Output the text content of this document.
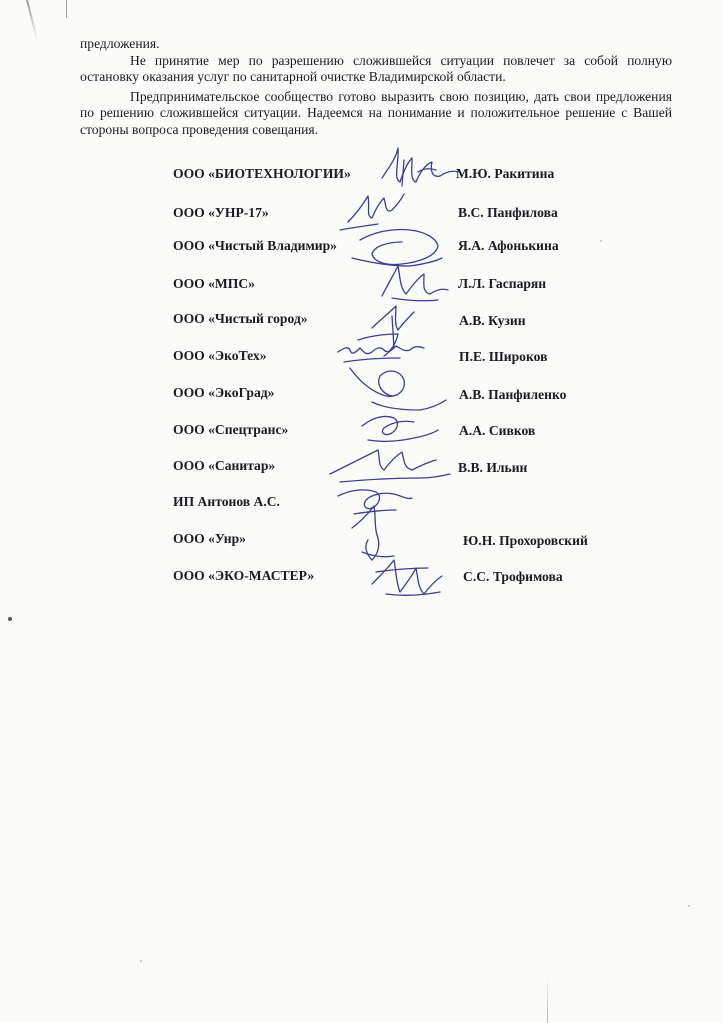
предложения.

Не принятие мер по разрешению сложившейся ситуации повлечет за собой полную остановку оказания услуг по санитарной очистке Владимирской области.

Предпринимательское сообщество готово выразить свою позицию, дать свои предложения по решению сложившейся ситуации. Надеемся на понимание и положительное решение с Вашей стороны вопроса проведения совещания.

ООО «БИОТЕХНОЛОГИИ»	М.Ю. Ракитина
ООО «УНР-17»	В.С. Панфилова
ООО «Чистый Владимир»	Я.А. Афонькина
ООО «МПС»	Л.Л. Гаспарян
ООО «Чистый город»	А.В. Кузин
ООО «ЭкоТех»	П.Е. Широков
ООО «ЭкоГрад»	А.В. Панфиленко
ООО «Спецтранс»	А.А. Сивков
ООО «Санитар»	В.В. Ильин
ИП Антонов А.С.
ООО «Унр»	Ю.Н. Прохоровский
ООО «ЭКО-МАСТЕР»	С.С. Трофимова
